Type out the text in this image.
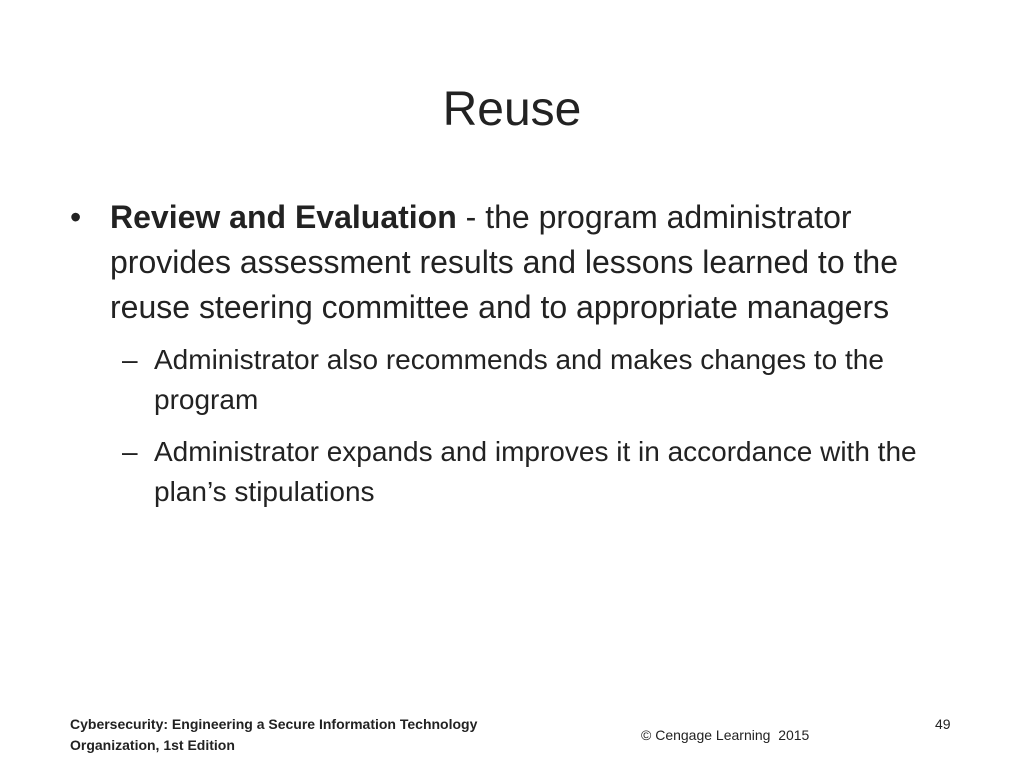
Reuse
• Review and Evaluation - the program administrator provides assessment results and lessons learned to the reuse steering committee and to appropriate managers
– Administrator also recommends and makes changes to the program
– Administrator expands and improves it in accordance with the plan’s stipulations
Cybersecurity: Engineering a Secure Information Technology
Organization, 1st Edition
© Cengage Learning  2015
49
